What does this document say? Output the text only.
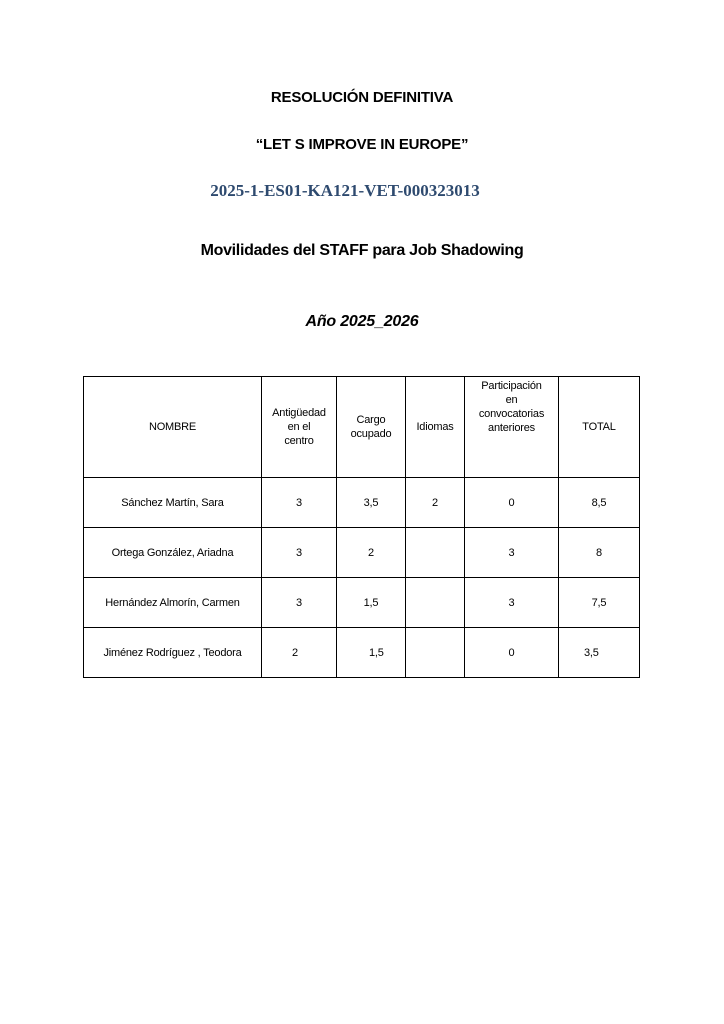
RESOLUCIÓN DEFINITIVA
“LET S IMPROVE IN EUROPE”
2025-1-ES01-KA121-VET-000323013
Movilidades del STAFF para Job Shadowing
Año 2025_2026
NOMBRE	Antigüedad
en el
centro	Cargo
ocupado	Idiomas	Participación
en
convocatorias
anteriores	TOTAL
Sánchez Martín, Sara	3	3,5	2	0	8,5
Ortega González, Ariadna	3	2		3	8
Hernández Almorín, Carmen	3	1,5		3	7,5
Jiménez Rodríguez , Teodora	2	1,5		0	3,5
